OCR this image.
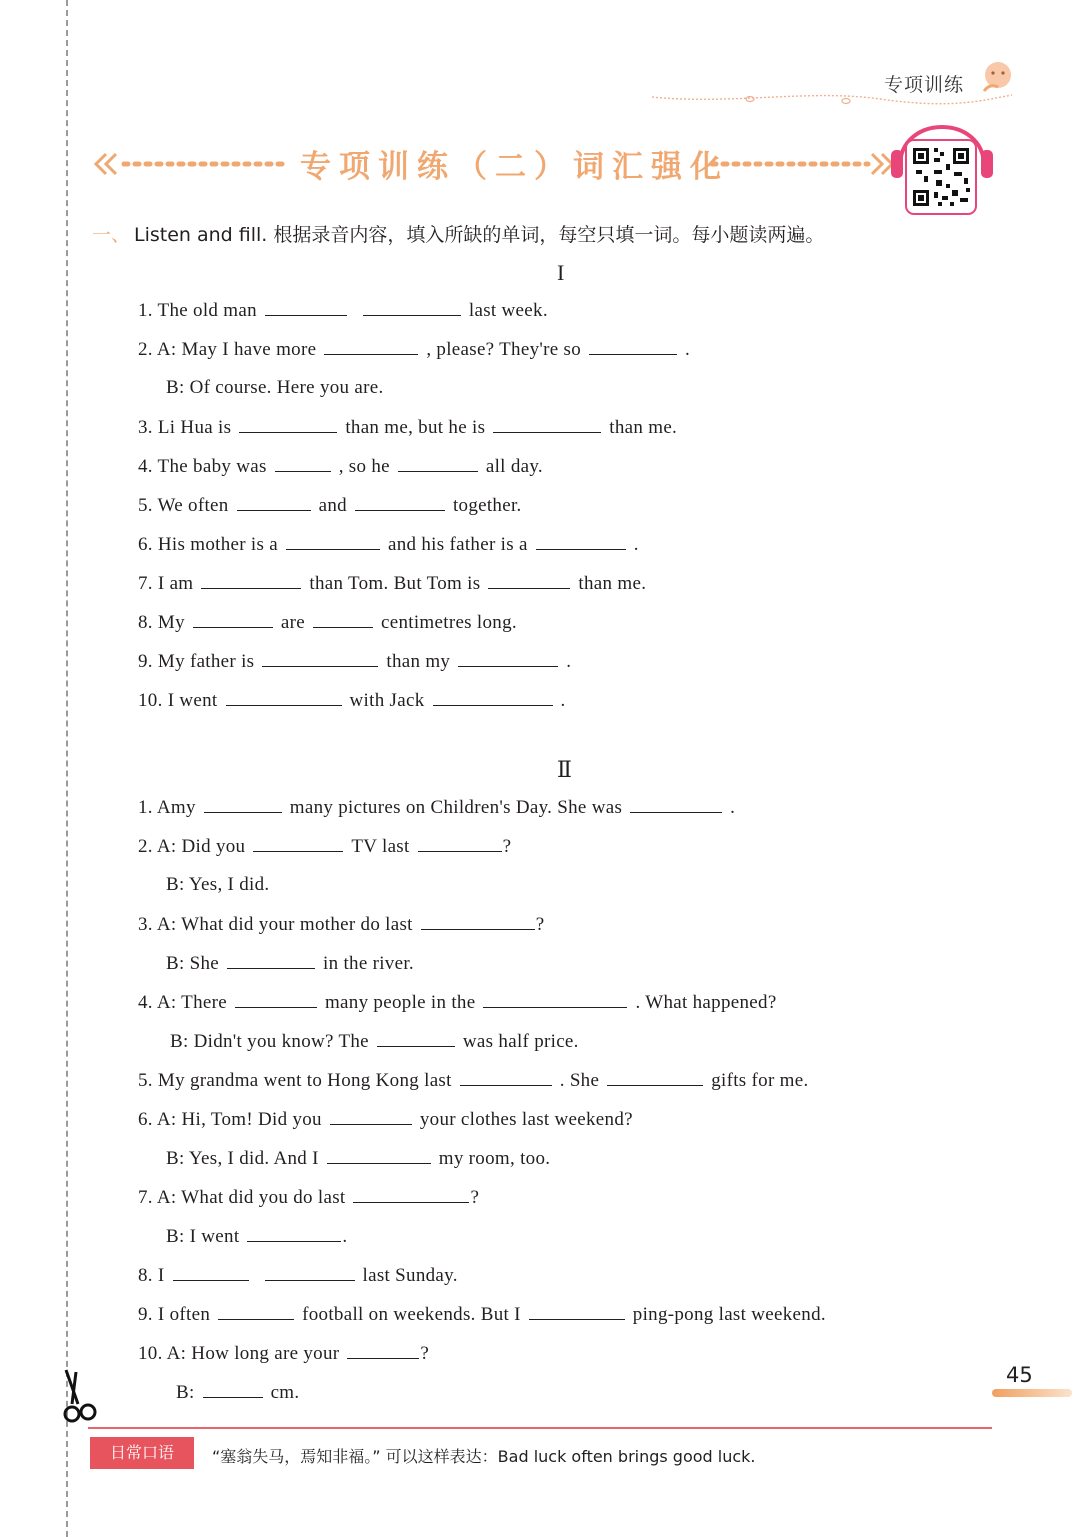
专项训练
专项训练（二）词汇强化
一、 Listen and fill. 根据录音内容，填入所缺的单词，每空只填一词。每小题读两遍。
I
1. The old man	last week.
2. A: May I have more	, please? They're so	.
B: Of course. Here you are.
3. Li Hua is	than me, but he is	than me.
4. The baby was	, so he	all day.
5. We often	and	together.
6. His mother is a	and his father is a	.
7. I am	than Tom. But Tom is	than me.
8. My	are	centimetres long.
9. My father is	than my	.
10. I went	with Jack	.
Ⅱ
1. Amy	many pictures on Children's Day. She was	.
2. A: Did you	TV last	?
B: Yes, I did.
3. A: What did your mother do last	?
B: She	in the river.
4. A: There	many people in the	. What happened?
B: Didn't you know? The	was half price.
5. My grandma went to Hong Kong last	. She	gifts for me.
6. A: Hi, Tom! Did you	your clothes last weekend?
B: Yes, I did. And I	my room, too.
7. A: What did you do last	?
B: I went	.
8. I	last Sunday.
9. I often	football on weekends. But I	ping-pong last weekend.
10. A: How long are your	?
B:	cm.
45
日常口语	“塞翁失马，焉知非福。” 可以这样表达：Bad luck often brings good luck.
